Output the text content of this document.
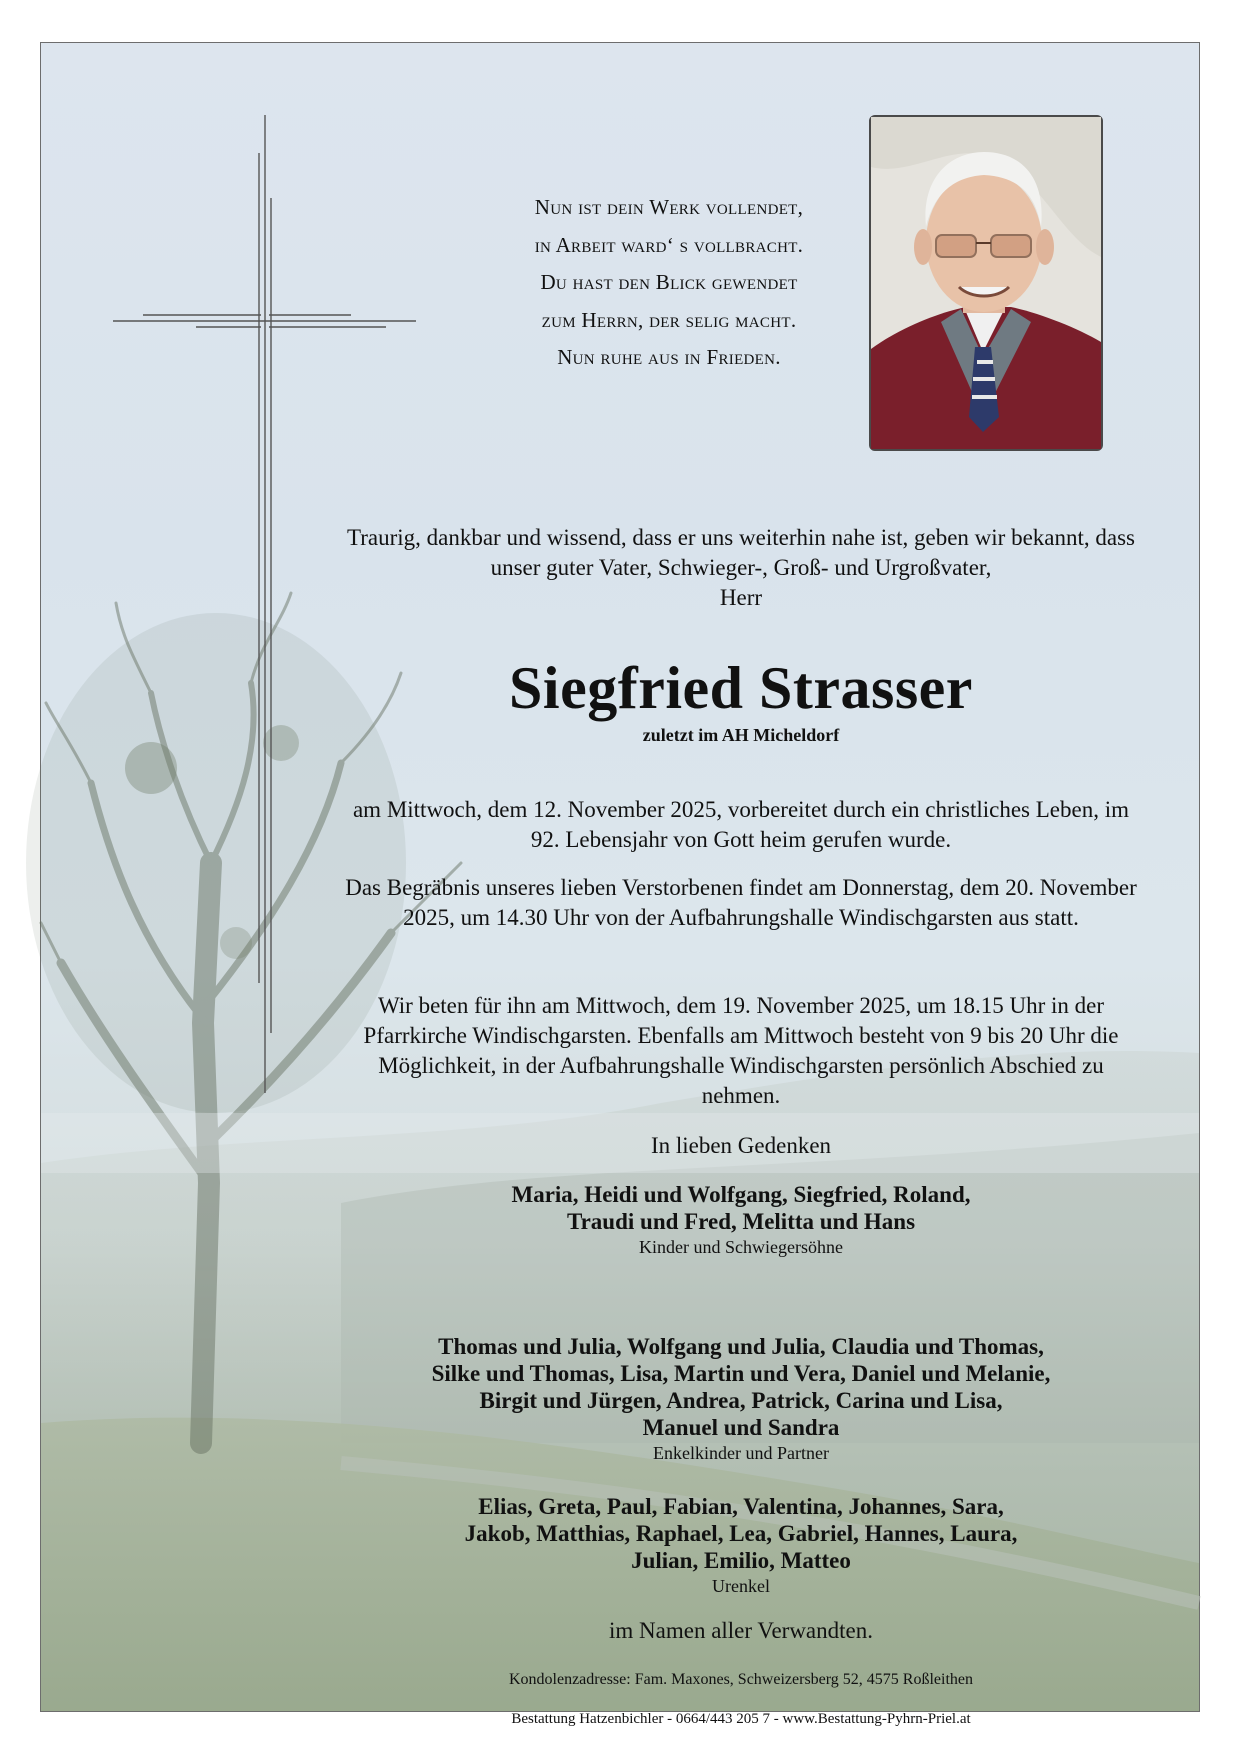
Nun ist dein Werk vollendet,
in Arbeit ward‘ s vollbracht.
Du hast den Blick gewendet
zum Herrn, der selig macht.
Nun ruhe aus in Frieden.
Traurig, dankbar und wissend, dass er uns weiterhin nahe ist, geben wir bekannt, dass unser guter Vater, Schwieger-, Groß- und Urgroßvater,
Herr
Siegfried Strasser
zuletzt im AH Micheldorf
am Mittwoch, dem 12. November 2025, vorbereitet durch ein christliches Leben, im 92. Lebensjahr von Gott heim gerufen wurde.
Das Begräbnis unseres lieben Verstorbenen findet am Donnerstag, dem 20. November 2025, um 14.30 Uhr von der Aufbahrungshalle Windischgarsten aus statt.
Wir beten für ihn am Mittwoch, dem 19. November 2025, um 18.15 Uhr in der Pfarrkirche Windischgarsten. Ebenfalls am Mittwoch besteht von 9 bis 20 Uhr die Möglichkeit, in der Aufbahrungshalle Windischgarsten persönlich Abschied zu nehmen.
In lieben Gedenken
Maria, Heidi und Wolfgang, Siegfried, Roland,
Traudi und Fred, Melitta und Hans
Kinder und Schwiegersöhne
Thomas und Julia, Wolfgang und Julia, Claudia und Thomas,
Silke und Thomas, Lisa, Martin und Vera, Daniel und Melanie,
Birgit und Jürgen, Andrea, Patrick, Carina und Lisa,
Manuel und Sandra
Enkelkinder und Partner
Elias, Greta, Paul, Fabian, Valentina, Johannes, Sara,
Jakob, Matthias, Raphael, Lea, Gabriel, Hannes, Laura,
Julian, Emilio, Matteo
Urenkel
im Namen aller Verwandten.
Kondolenzadresse: Fam. Maxones, Schweizersberg 52, 4575 Roßleithen
Bestattung Hatzenbichler - 0664/443 205 7 - www.Bestattung-Pyhrn-Priel.at
